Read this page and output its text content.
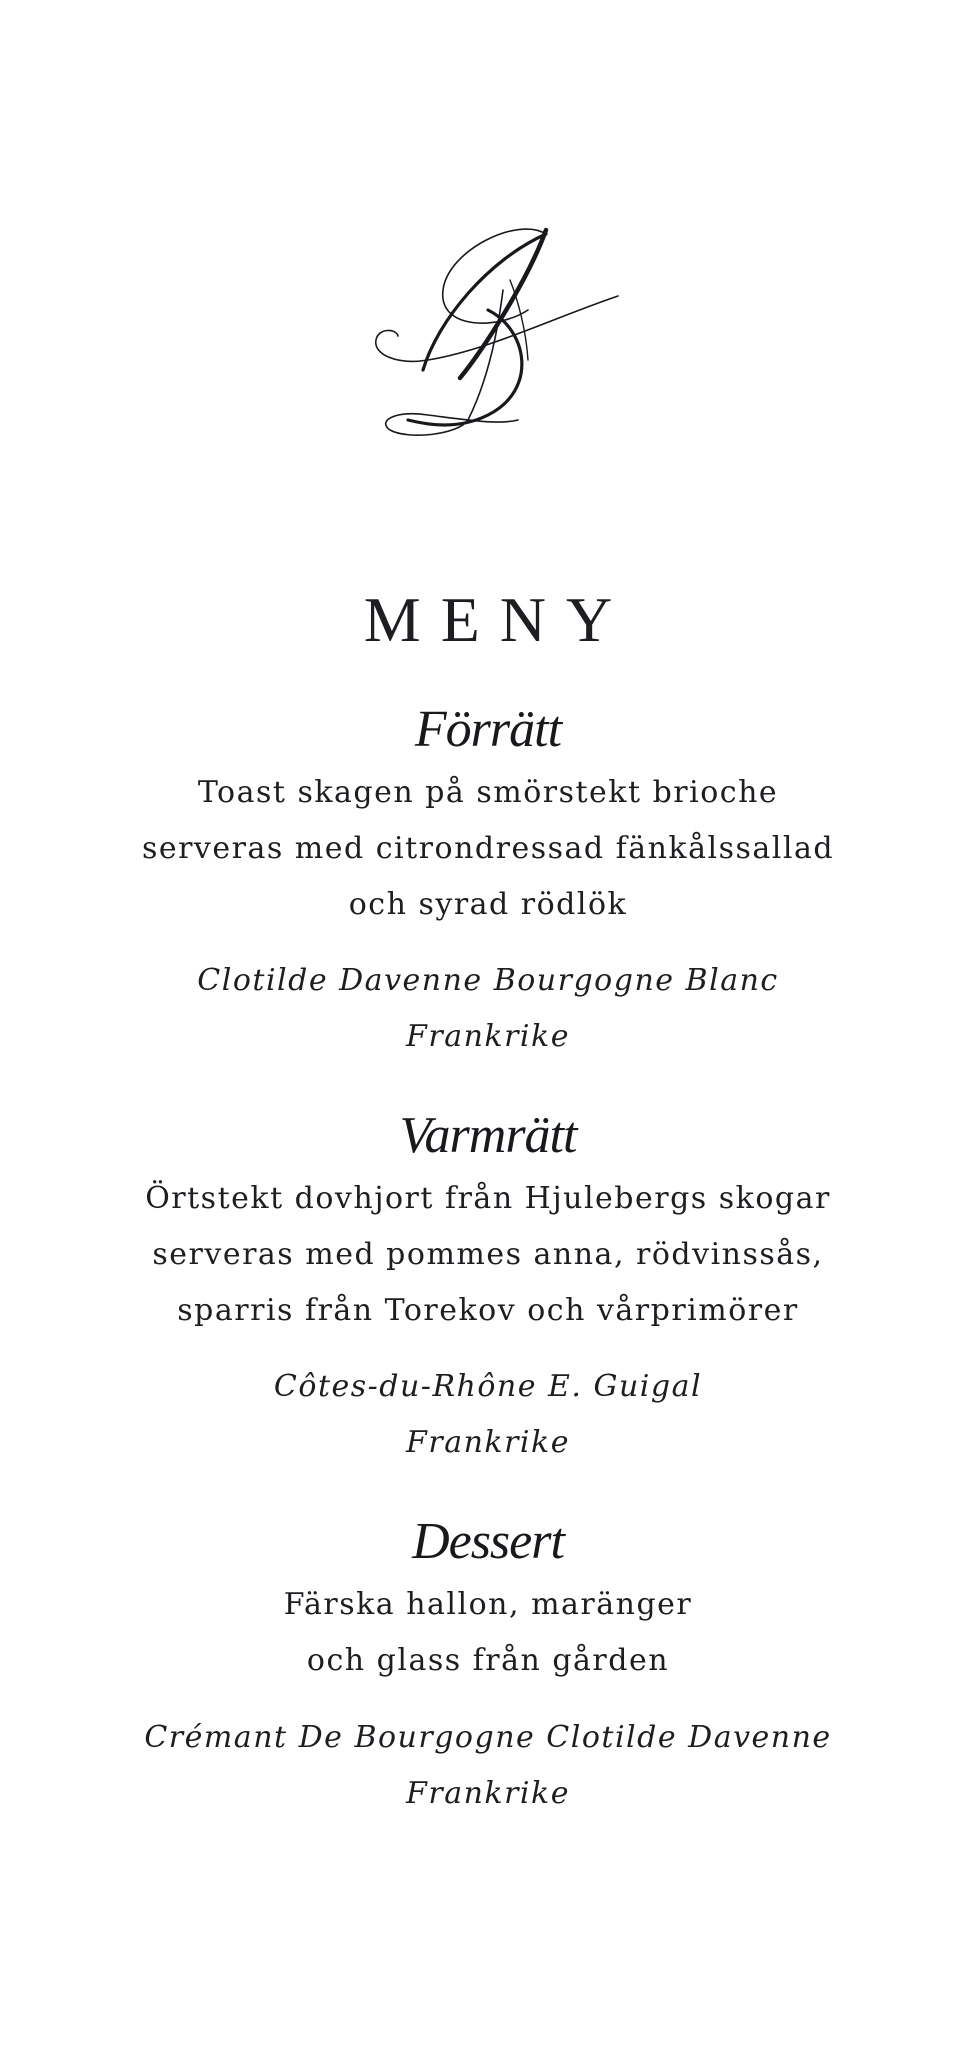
MENY
Förrätt
Toast skagen på smörstekt brioche
serveras med citrondressad fänkålssallad
och syrad rödlök
Clotilde Davenne Bourgogne Blanc
Frankrike
Varmrätt
Örtstekt dovhjort från Hjulebergs skogar
serveras med pommes anna, rödvinssås,
sparris från Torekov och vårprimörer
Côtes-du-Rhône E. Guigal
Frankrike
Dessert
Färska hallon, maränger
och glass från gården
Crémant De Bourgogne Clotilde Davenne
Frankrike
